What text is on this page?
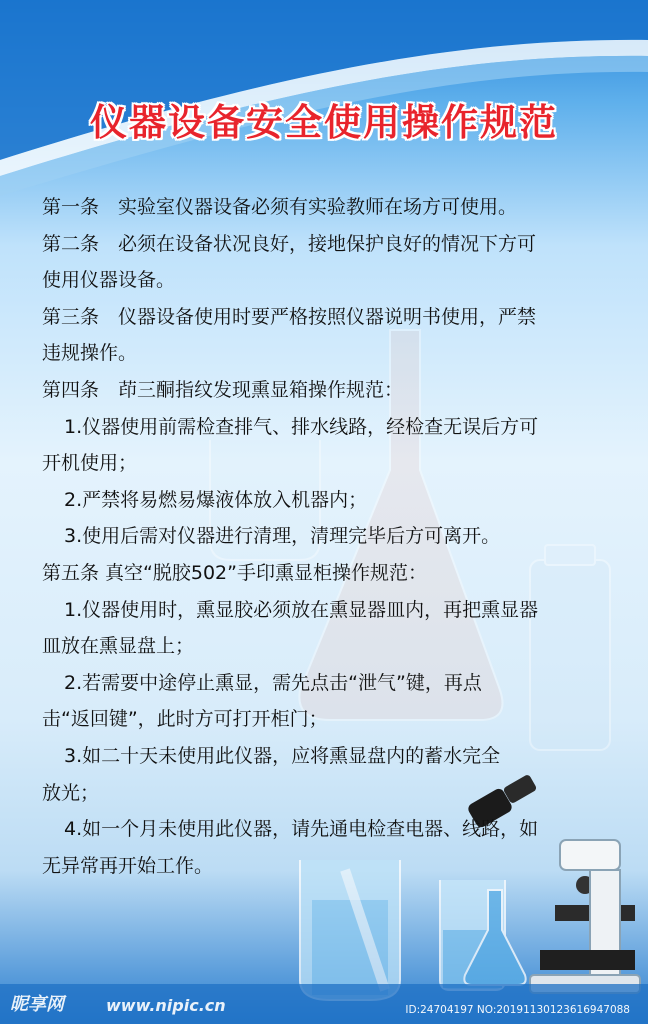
仪器设备安全使用操作规范

第一条　实验室仪器设备必须有实验教师在场方可使用。

第二条　必须在设备状况良好，接地保护良好的情况下方可

使用仪器设备。

第三条　仪器设备使用时要严格按照仪器说明书使用，严禁

违规操作。

第四条　茚三酮指纹发现熏显箱操作规范：

1.仪器使用前需检查排气、排水线路，经检查无误后方可

开机使用；

2.严禁将易燃易爆液体放入机器内；

3.使用后需对仪器进行清理，清理完毕后方可离开。

第五条 真空“脱胶502”手印熏显柜操作规范：

1.仪器使用时，熏显胶必须放在熏显器皿内，再把熏显器

皿放在熏显盘上；

2.若需要中途停止熏显，需先点击“泄气”键，再点

击“返回键”，此时方可打开柜门；

3.如二十天未使用此仪器，应将熏显盘内的蓄水完全

放光；

4.如一个月未使用此仪器，请先通电检查电器、线路，如

无异常再开始工作。

昵享网	www.nipic.cn	ID:24704197 NO:20191130123616947088
